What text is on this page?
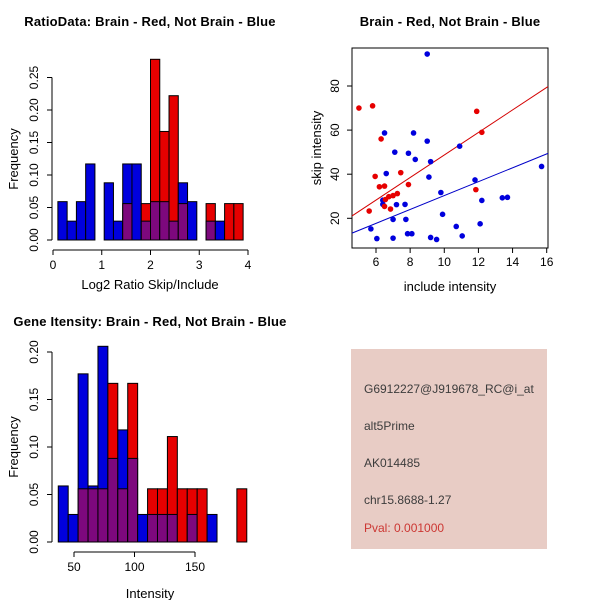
0.00
0.05
0.10
0.15
0.20
0.25
0	1	2	3	4
RatioData: Brain - Red, Not Brain - Blue
Log2 Ratio Skip/Include
Frequency
6 8 10 12 14 16
20
40
60
80
Brain - Red, Not Brain - Blue
include intensity
skip intensity
0.00
0.05
0.10
0.15
0.20
50	100	150
Gene Itensity: Brain - Red, Not Brain - Blue
Intensity
Frequency
G6912227@J919678_RC@i_at
alt5Prime
AK014485
chr15.8688-1.27
Pval: 0.001000
